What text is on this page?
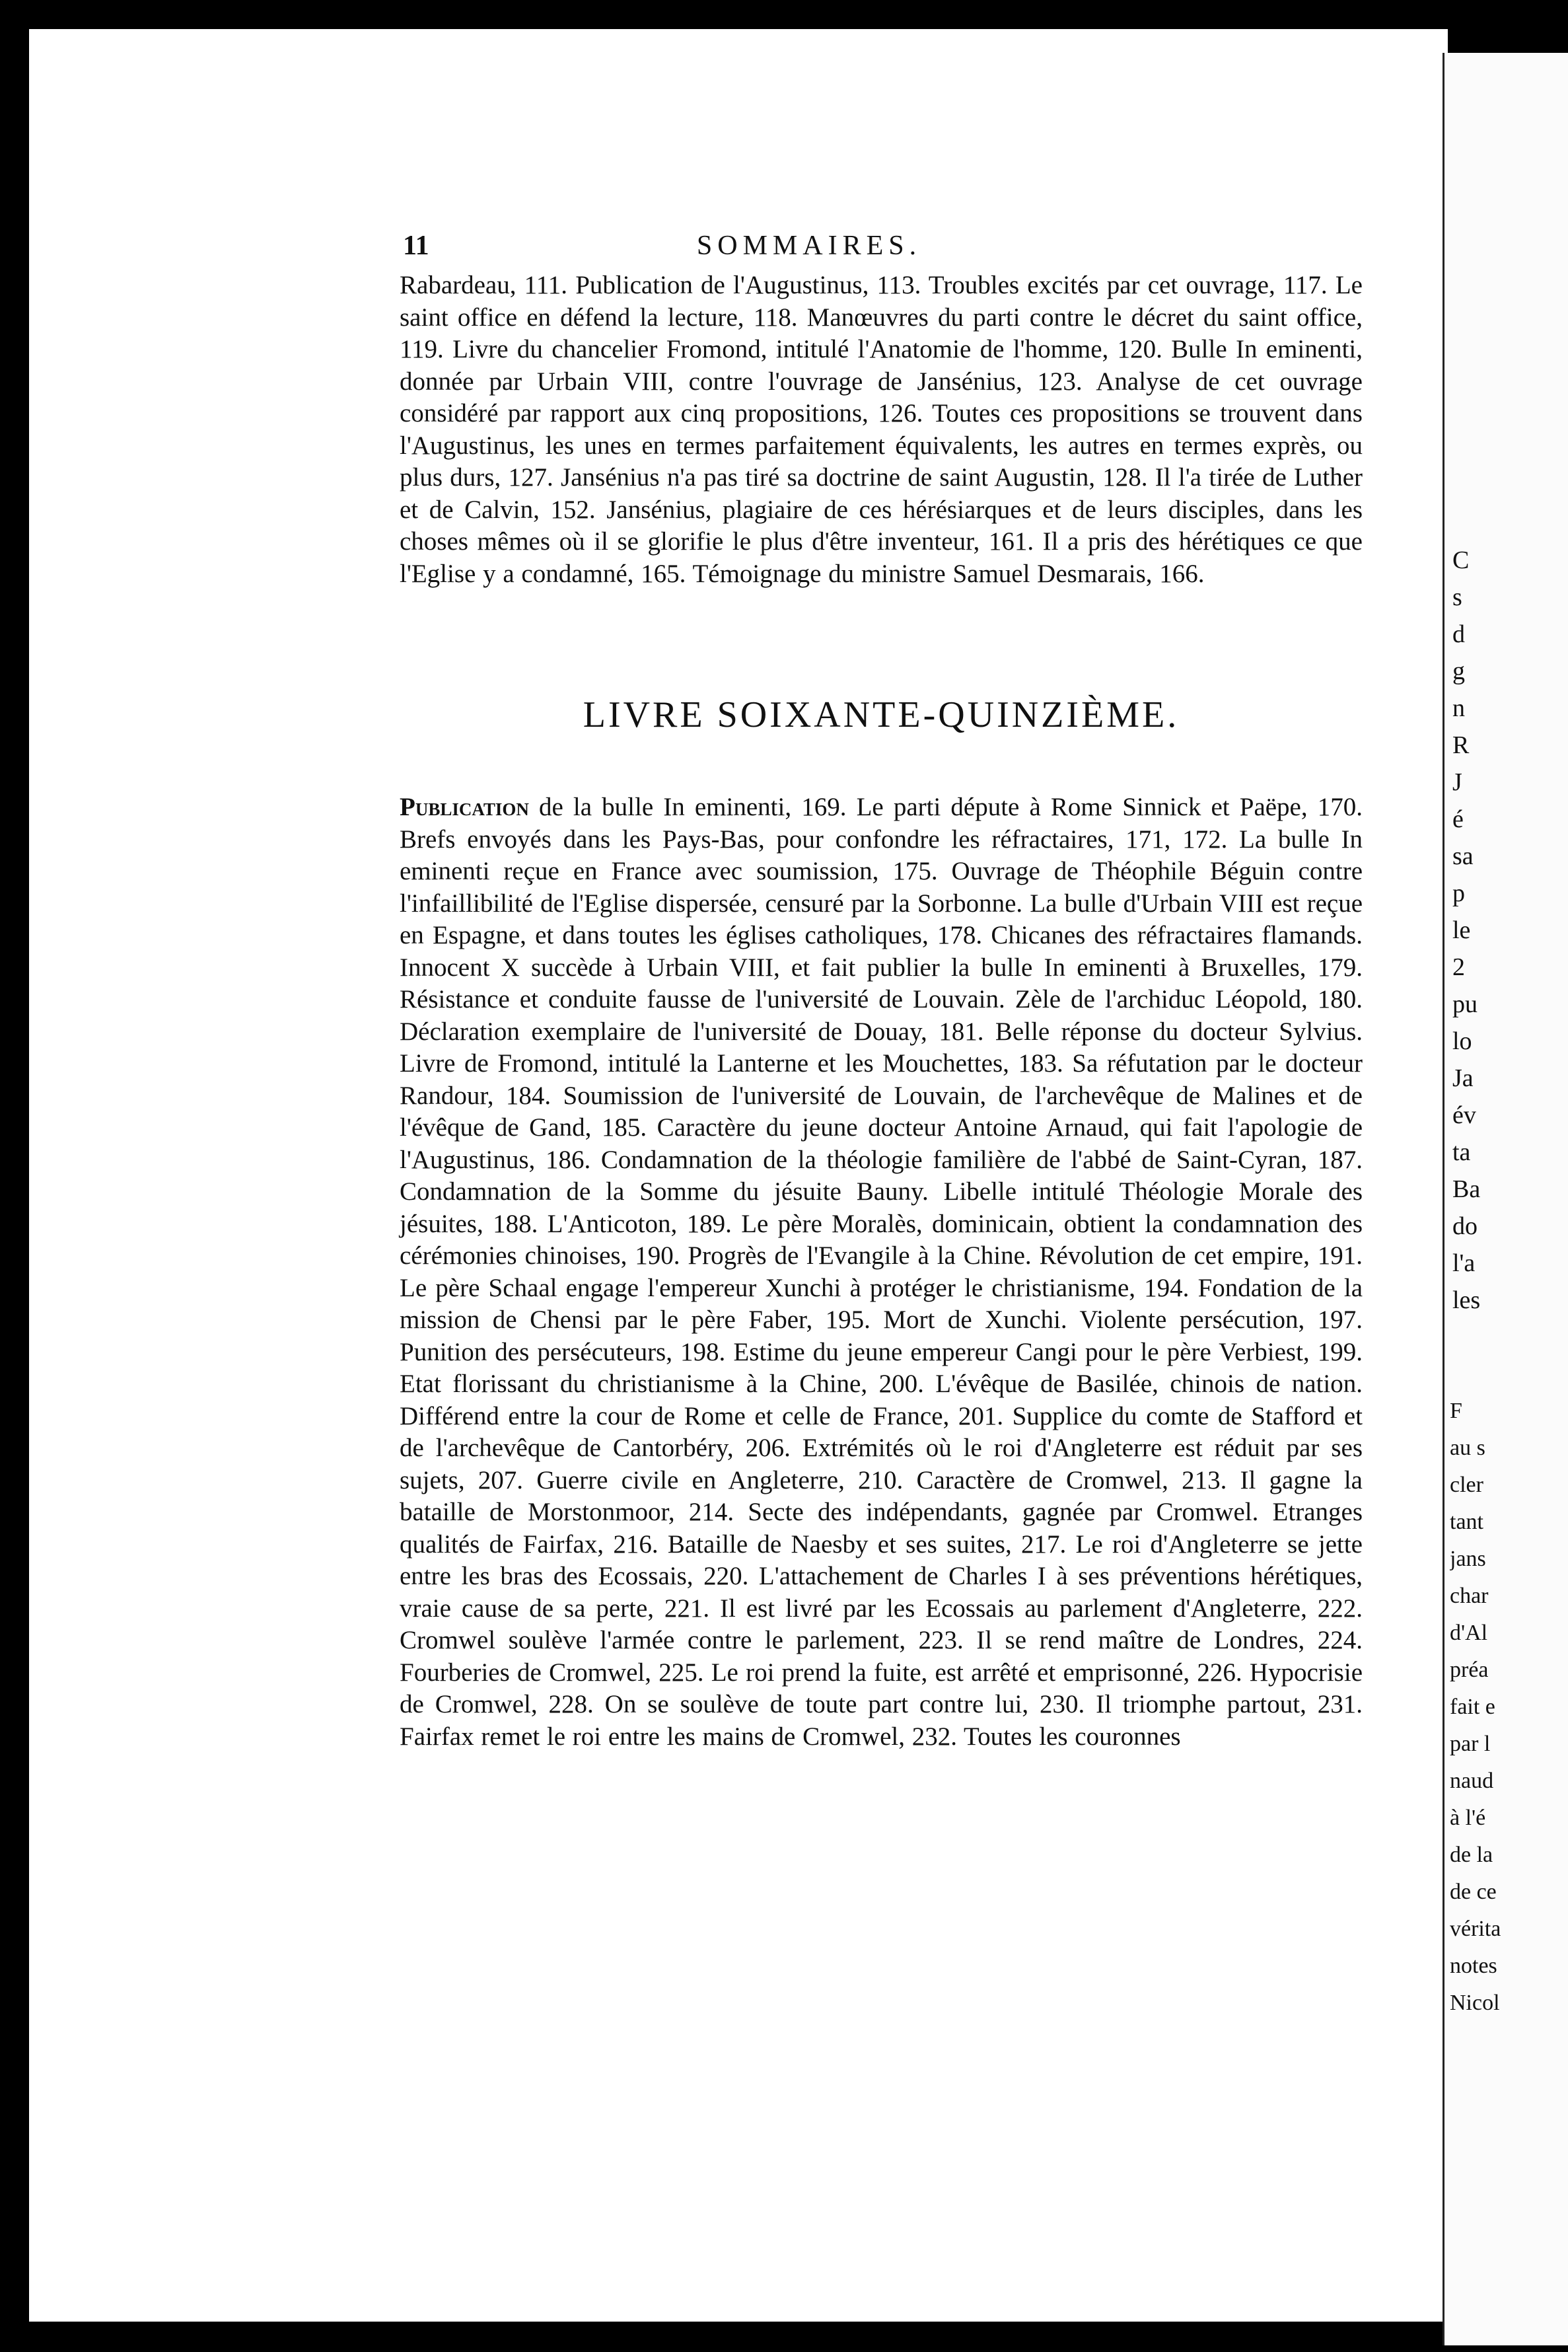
C
s
d
g
n
R
J
é
sa
p
le
2
pu
lo
Ja
év
ta
Ba
do
l'a
les
F
au s
cler
tant
jans
char
d'Al
préa
fait e
par l
naud
à l'é
de la
de ce
vérita
notes
Nicol
11	SOMMAIRES.
Rabardeau, 111. Publication de l'Augustinus, 113. Troubles excités par cet ouvrage, 117. Le saint office en défend la lecture, 118. Manœuvres du parti contre le décret du saint office, 119. Livre du chancelier Fromond, intitulé l'Anatomie de l'homme, 120. Bulle In eminenti, donnée par Urbain VIII, contre l'ouvrage de Jansénius, 123. Analyse de cet ouvrage considéré par rapport aux cinq propositions, 126. Toutes ces propositions se trouvent dans l'Augustinus, les unes en termes parfaitement équivalents, les autres en termes exprès, ou plus durs, 127. Jansénius n'a pas tiré sa doctrine de saint Augustin, 128. Il l'a tirée de Luther et de Calvin, 152. Jansénius, plagiaire de ces hérésiarques et de leurs disciples, dans les choses mêmes où il se glorifie le plus d'être inventeur, 161. Il a pris des hérétiques ce que l'Eglise y a condamné, 165. Témoignage du ministre Samuel Desmarais, 166.
LIVRE SOIXANTE-QUINZIÈME.
Publication de la bulle In eminenti, 169. Le parti députe à Rome Sinnick et Paëpe, 170. Brefs envoyés dans les Pays-Bas, pour confondre les réfractaires, 171, 172. La bulle In eminenti reçue en France avec soumission, 175. Ouvrage de Théophile Béguin contre l'infaillibilité de l'Eglise dispersée, censuré par la Sorbonne. La bulle d'Urbain VIII est reçue en Espagne, et dans toutes les églises catholiques, 178. Chicanes des réfractaires flamands. Innocent X succède à Urbain VIII, et fait publier la bulle In eminenti à Bruxelles, 179. Résistance et conduite fausse de l'université de Louvain. Zèle de l'archiduc Léopold, 180. Déclaration exemplaire de l'université de Douay, 181. Belle réponse du docteur Sylvius. Livre de Fromond, intitulé la Lanterne et les Mouchettes, 183. Sa réfutation par le docteur Randour, 184. Soumission de l'université de Louvain, de l'archevêque de Malines et de l'évêque de Gand, 185. Caractère du jeune docteur Antoine Arnaud, qui fait l'apologie de l'Augustinus, 186. Condamnation de la théologie familière de l'abbé de Saint-Cyran, 187. Condamnation de la Somme du jésuite Bauny. Libelle intitulé Théologie Morale des jésuites, 188. L'Anticoton, 189. Le père Moralès, dominicain, obtient la condamnation des cérémonies chinoises, 190. Progrès de l'Evangile à la Chine. Révolution de cet empire, 191. Le père Schaal engage l'empereur Xunchi à protéger le christianisme, 194. Fondation de la mission de Chensi par le père Faber, 195. Mort de Xunchi. Violente persécution, 197. Punition des persécuteurs, 198. Estime du jeune empereur Cangi pour le père Verbiest, 199. Etat florissant du christianisme à la Chine, 200. L'évêque de Basilée, chinois de nation. Différend entre la cour de Rome et celle de France, 201. Supplice du comte de Stafford et de l'archevêque de Cantorbéry, 206. Extrémités où le roi d'Angleterre est réduit par ses sujets, 207. Guerre civile en Angleterre, 210. Caractère de Cromwel, 213. Il gagne la bataille de Morstonmoor, 214. Secte des indépendants, gagnée par Cromwel. Etranges qualités de Fairfax, 216. Bataille de Naesby et ses suites, 217. Le roi d'Angleterre se jette entre les bras des Ecossais, 220. L'attachement de Charles I à ses préventions hérétiques, vraie cause de sa perte, 221. Il est livré par les Ecossais au parlement d'Angleterre, 222. Cromwel soulève l'armée contre le parlement, 223. Il se rend maître de Londres, 224. Fourberies de Cromwel, 225. Le roi prend la fuite, est arrêté et emprisonné, 226. Hypocrisie de Cromwel, 228. On se soulève de toute part contre lui, 230. Il triomphe partout, 231. Fairfax remet le roi entre les mains de Cromwel, 232. Toutes les couronnes
